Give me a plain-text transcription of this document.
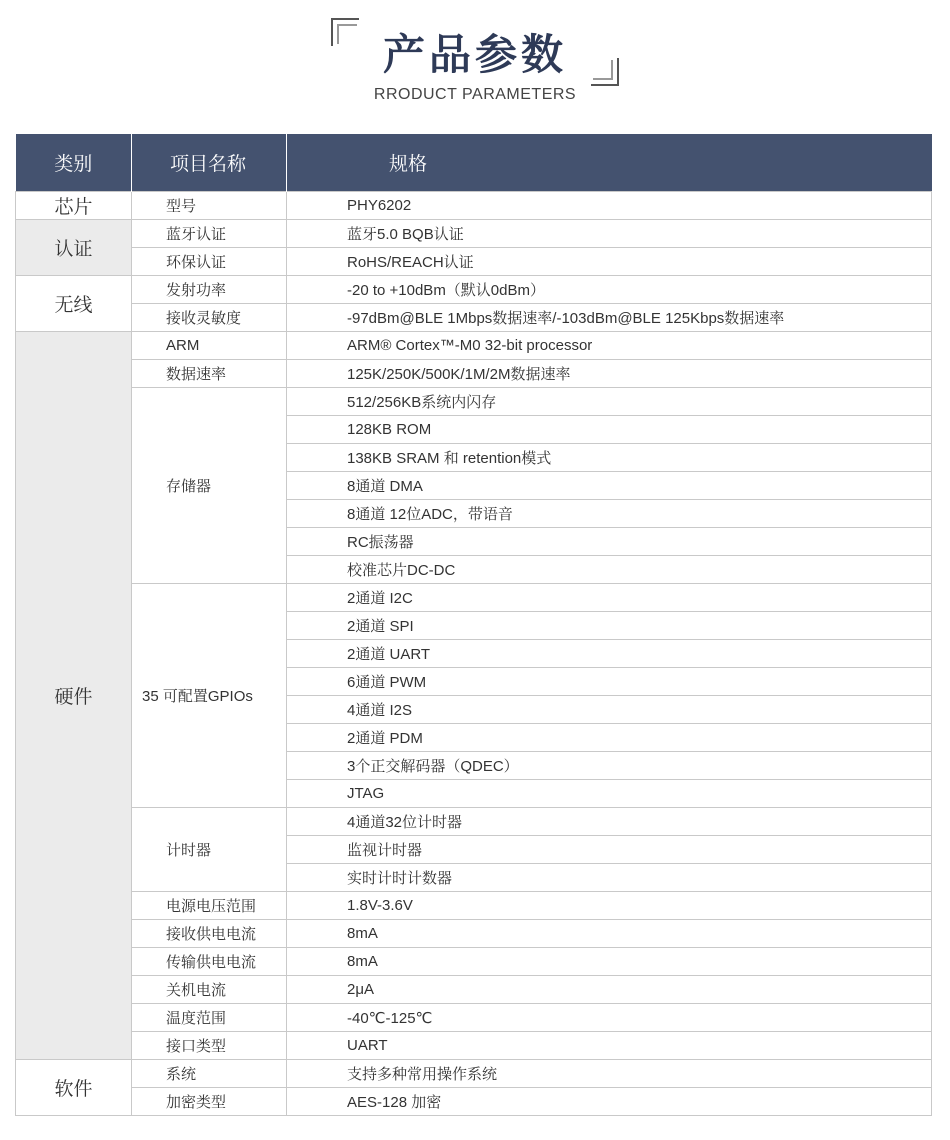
产品参数
RRODUCT PARAMETERS
类别	项目名称	规格
芯片	型号	PHY6202
认证	蓝牙认证	蓝牙5.0 BQB认证
	环保认证	RoHS/REACH认证
无线	发射功率	-20 to +10dBm（默认0dBm）
	接收灵敏度	-97dBm@BLE 1Mbps数据速率/-103dBm@BLE 125Kbps数据速率
硬件	ARM	ARM® Cortex™-M0 32-bit processor
	数据速率	125K/250K/500K/1M/2M数据速率
	存储器	512/256KB系统内闪存
		128KB ROM
		138KB SRAM 和 retention模式
		8通道 DMA
		8通道 12位ADC，带语音
		RC振荡器
		校准芯片DC-DC
	35 可配置GPIOs	2通道 I2C
		2通道 SPI
		2通道 UART
		6通道 PWM
		4通道 I2S
		2通道 PDM
		3个正交解码器（QDEC）
		JTAG
	计时器	4通道32位计时器
		监视计时器
		实时计时计数器
	电源电压范围	1.8V-3.6V
	接收供电电流	8mA
	传输供电电流	8mA
	关机电流	2μA
	温度范围	-40℃-125℃
	接口类型	UART
软件	系统	支持多种常用操作系统
	加密类型	AES-128 加密
